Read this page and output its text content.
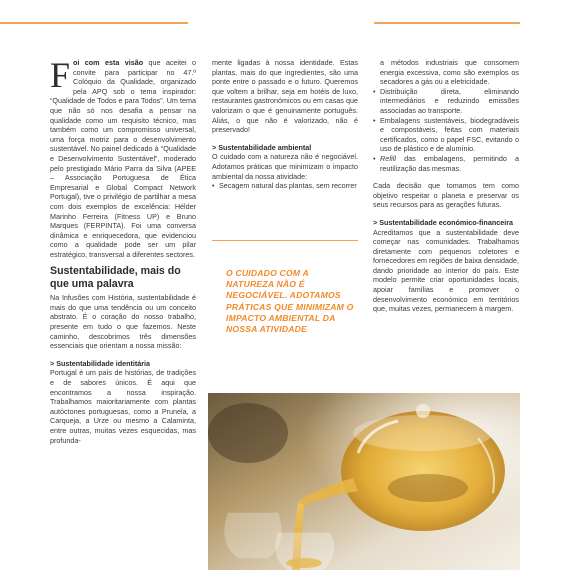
Foi com esta visão que aceitei o convite para participar no 47.º Colóquio da Qualidade, organizado pela APQ sob o tema inspirador: “Qualidade de Todos e para Todos”. Um tema que não só nos desafia a pensar na qualidade como um requisito técnico, mas também como um compromisso universal, uma força motriz para o desenvolvimento sustentável. No painel dedicado à “Qualidade e Desenvolvimento Sustentável”, moderado pelo prestigiado Mário Parra da Silva (APEE – Associação Portuguesa de Ética Empresarial e Global Compact Network Portugal), tive o privilégio de partilhar a mesa com dois exemplos de excelência: Hélder Marinho Ferreira (Fitness UP) e Bruno Marques (FERPINTA). Foi uma conversa dinâmica e enriquecedora, que evidenciou como a qualidade pode ser um pilar estratégico, transversal a diferentes sectores.

Sustentabilidade, mais do que uma palavra

Na Infusões com História, sustentabilidade é mais do que uma tendência ou um conceito abstrato. É o coração do nosso trabalho, presente em tudo o que fazemos. Neste caminho, descobrimos três dimensões essenciais que orientam a nossa missão:

> Sustentabilidade identitária

Portugal é um país de histórias, de tradições e de sabores únicos. É aqui que encontramos a nossa inspiração. Trabalhamos maioritariamente com plantas autóctones portuguesas, como a Prunela, a Carqueja, a Urze ou mesmo a Calaminta, entre outras, muitas vezes esquecidas, mas profunda-

mente ligadas à nossa identidade. Estas plantas, mais do que ingredientes, são uma ponte entre o passado e o futuro. Queremos que voltem a brilhar, seja em hotéis de luxo, restaurantes gastronómicos ou em casas que valorizam o que é genuinamente português. Aliás, o que não é valorizado, não é preservado!

> Sustentabilidade ambiental

O cuidado com a natureza não é negociável. Adotamos práticas que minimizam o impacto ambiental da nossa atividade:

• Secagem natural das plantas, sem recorrer

O CUIDADO COM A NATUREZA NÃO É NEGOCIÁVEL. ADOTAMOS PRÁTICAS QUE MINIMIZAM O IMPACTO AMBIENTAL DA NOSSA ATIVIDADE

a métodos industriais que consomem energia excessiva, como são exemplos os secadores a gás ou a eletricidade.

• Distribuição direta, eliminando intermediários e reduzindo emissões associadas ao transporte.

• Embalagens sustentáveis, biodegradáveis e compostáveis, feitas com materiais certificados, como o papel FSC, evitando o uso de plástico e de alumínio.

• Refill das embalagens, permitindo a reutilização das mesmas.

Cada decisão que tomamos tem como objetivo respeitar o planeta e preservar os seus recursos para as gerações futuras.

> Sustentabilidade económico-financeira

Acreditamos que a sustentabilidade deve começar nas comunidades. Trabalhamos diretamente com pequenos coletores e fornecedores em regiões de baixa densidade, dando prioridade ao interior do país. Este modelo permite criar oportunidades locais, apoiar famílias e promover o desenvolvimento económico em territórios que, muitas vezes, permanecem à margem.
